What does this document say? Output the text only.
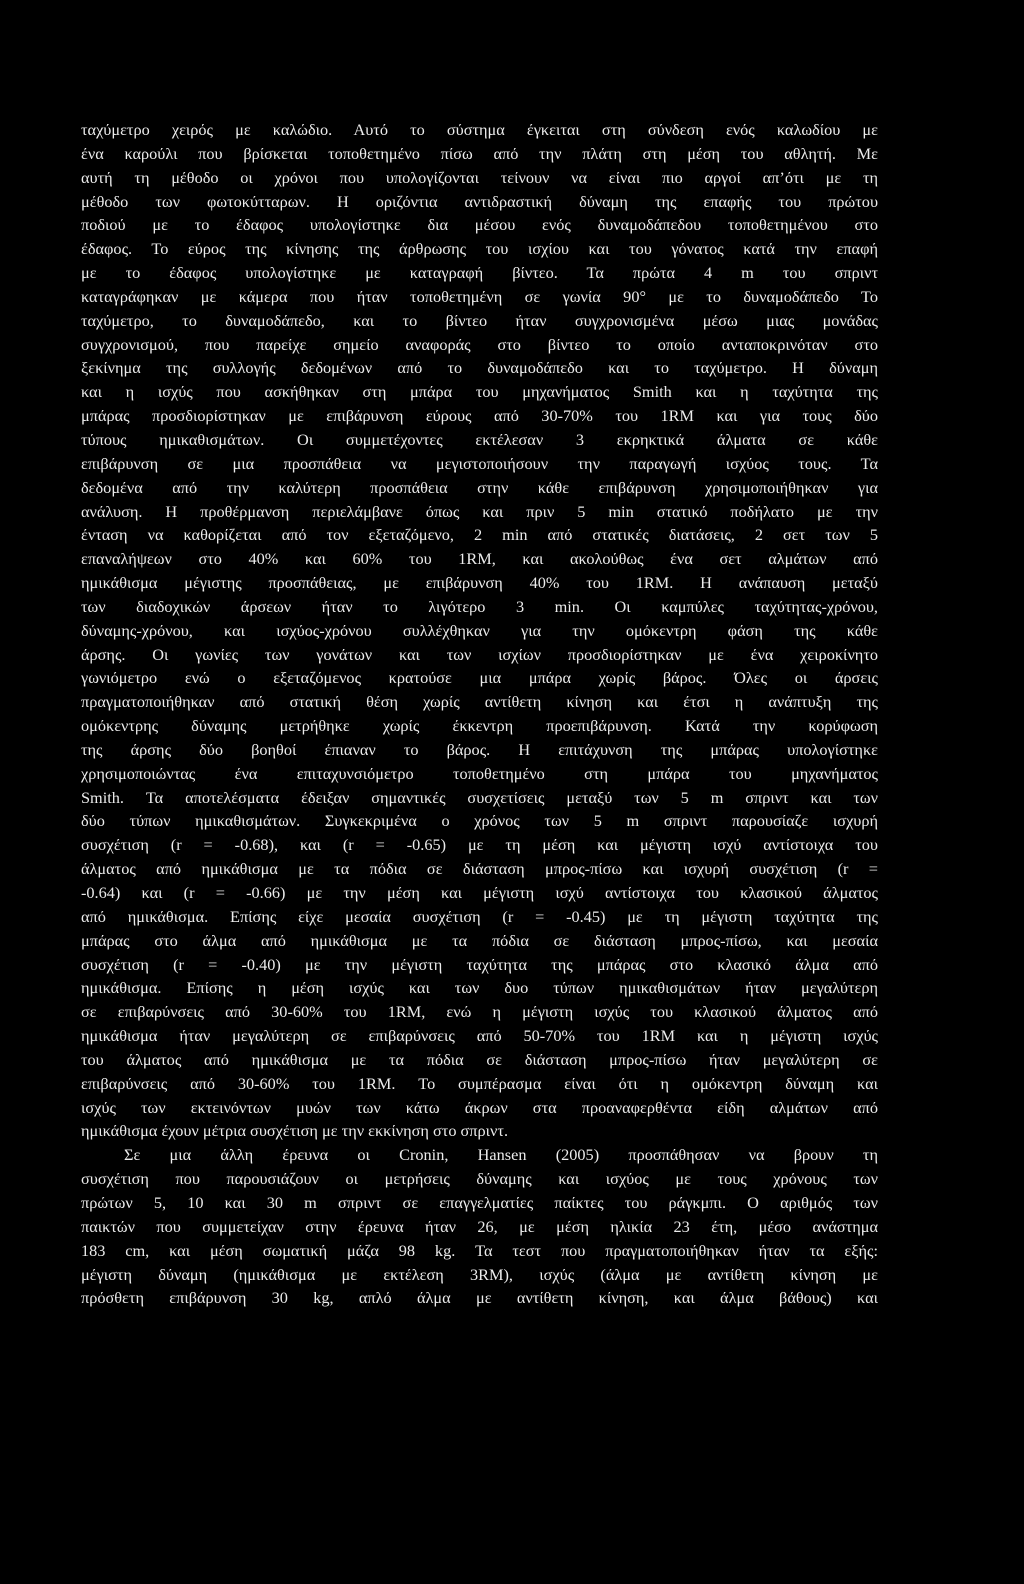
ταχύμετρο χειρός με καλώδιο. Αυτό το σύστημα έγκειται στη σύνδεση ενός καλωδίου με
ένα καρούλι που βρίσκεται τοποθετημένο πίσω από την πλάτη στη μέση του αθλητή. Με
αυτή τη μέθοδο οι χρόνοι που υπολογίζονται τείνουν να είναι πιο αργοί απ’ότι με τη
μέθοδο των φωτοκύτταρων. Η οριζόντια αντιδραστική δύναμη της επαφής του πρώτου
ποδιού με το έδαφος υπολογίστηκε δια μέσου ενός δυναμοδάπεδου τοποθετημένου στο
έδαφος. Το εύρος της κίνησης της άρθρωσης του ισχίου και του γόνατος κατά την επαφή
με το έδαφος υπολογίστηκε με καταγραφή βίντεο. Τα πρώτα 4 m του σπριντ
καταγράφηκαν με κάμερα που ήταν τοποθετημένη σε γωνία 90° με το δυναμοδάπεδο Το
ταχύμετρο, το δυναμοδάπεδο, και το βίντεο ήταν συγχρονισμένα μέσω μιας μονάδας
συγχρονισμού, που παρείχε σημείο αναφοράς στο βίντεο το οποίο ανταποκρινόταν στο
ξεκίνημα της συλλογής δεδομένων από το δυναμοδάπεδο και το ταχύμετρο. Η δύναμη
και η ισχύς που ασκήθηκαν στη μπάρα του μηχανήματος Smith και η ταχύτητα της
μπάρας προσδιορίστηκαν με επιβάρυνση εύρους από 30-70% του 1RM και για τους δύο
τύπους ημικαθισμάτων. Οι συμμετέχοντες εκτέλεσαν 3 εκρηκτικά άλματα σε κάθε
επιβάρυνση σε μια προσπάθεια να μεγιστοποιήσουν την παραγωγή ισχύος τους. Τα
δεδομένα από την καλύτερη προσπάθεια στην κάθε επιβάρυνση χρησιμοποιήθηκαν για
ανάλυση. Η προθέρμανση περιελάμβανε όπως και πριν 5 min στατικό ποδήλατο με την
ένταση να καθορίζεται από τον εξεταζόμενο, 2 min από στατικές διατάσεις, 2 σετ των 5
επαναλήψεων στο 40% και 60% του 1RM, και ακολούθως ένα σετ αλμάτων από
ημικάθισμα μέγιστης προσπάθειας, με επιβάρυνση 40% του 1RM. Η ανάπαυση μεταξύ
των διαδοχικών άρσεων ήταν το λιγότερο 3 min. Οι καμπύλες ταχύτητας-χρόνου,
δύναμης-χρόνου, και ισχύος-χρόνου συλλέχθηκαν για την ομόκεντρη φάση της κάθε
άρσης. Οι γωνίες των γονάτων και των ισχίων προσδιορίστηκαν με ένα χειροκίνητο
γωνιόμετρο ενώ ο εξεταζόμενος κρατούσε μια μπάρα χωρίς βάρος. Όλες οι άρσεις
πραγματοποιήθηκαν από στατική θέση χωρίς αντίθετη κίνηση και έτσι η ανάπτυξη της
ομόκεντρης δύναμης μετρήθηκε χωρίς έκκεντρη προεπιβάρυνση. Κατά την κορύφωση
της άρσης δύο βοηθοί έπιαναν το βάρος. Η επιτάχυνση της μπάρας υπολογίστηκε
χρησιμοποιώντας ένα επιταχυνσιόμετρο τοποθετημένο στη μπάρα του μηχανήματος
Smith. Τα αποτελέσματα έδειξαν σημαντικές συσχετίσεις μεταξύ των 5 m σπριντ και των
δύο τύπων ημικαθισμάτων. Συγκεκριμένα ο χρόνος των 5 m σπριντ παρουσίαζε ισχυρή
συσχέτιση (r = -0.68), και (r = -0.65) με τη μέση και μέγιστη ισχύ αντίστοιχα του
άλματος από ημικάθισμα με τα πόδια σε διάσταση μπρος-πίσω και ισχυρή συσχέτιση (r =
-0.64) και (r = -0.66) με την μέση και μέγιστη ισχύ αντίστοιχα του κλασικού άλματος
από ημικάθισμα. Επίσης είχε μεσαία συσχέτιση (r = -0.45) με τη μέγιστη ταχύτητα της
μπάρας στο άλμα από ημικάθισμα με τα πόδια σε διάσταση μπρος-πίσω, και μεσαία
συσχέτιση (r = -0.40) με την μέγιστη ταχύτητα της μπάρας στο κλασικό άλμα από
ημικάθισμα. Επίσης η μέση ισχύς και των δυο τύπων ημικαθισμάτων ήταν μεγαλύτερη
σε επιβαρύνσεις από 30-60% του 1RM, ενώ η μέγιστη ισχύς του κλασικού άλματος από
ημικάθισμα ήταν μεγαλύτερη σε επιβαρύνσεις από 50-70% του 1RM και η μέγιστη ισχύς
του άλματος από ημικάθισμα με τα πόδια σε διάσταση μπρος-πίσω ήταν μεγαλύτερη σε
επιβαρύνσεις από 30-60% του 1RM. Το συμπέρασμα είναι ότι η ομόκεντρη δύναμη και
ισχύς των εκτεινόντων μυών των κάτω άκρων στα προαναφερθέντα είδη αλμάτων από
ημικάθισμα έχουν μέτρια συσχέτιση με την εκκίνηση στο σπριντ.
Σε μια άλλη έρευνα οι Cronin, Hansen (2005) προσπάθησαν να βρουν τη
συσχέτιση που παρουσιάζουν οι μετρήσεις δύναμης και ισχύος με τους χρόνους των
πρώτων 5, 10 και 30 m σπριντ σε επαγγελματίες παίκτες του ράγκμπι. Ο αριθμός των
παικτών που συμμετείχαν στην έρευνα ήταν 26, με μέση ηλικία 23 έτη, μέσο ανάστημα
183 cm, και μέση σωματική μάζα 98 kg. Τα τεστ που πραγματοποιήθηκαν ήταν τα εξής:
μέγιστη δύναμη (ημικάθισμα με εκτέλεση 3RM), ισχύς (άλμα με αντίθετη κίνηση με
πρόσθετη επιβάρυνση 30 kg, απλό άλμα με αντίθετη κίνηση, και άλμα βάθους) και
